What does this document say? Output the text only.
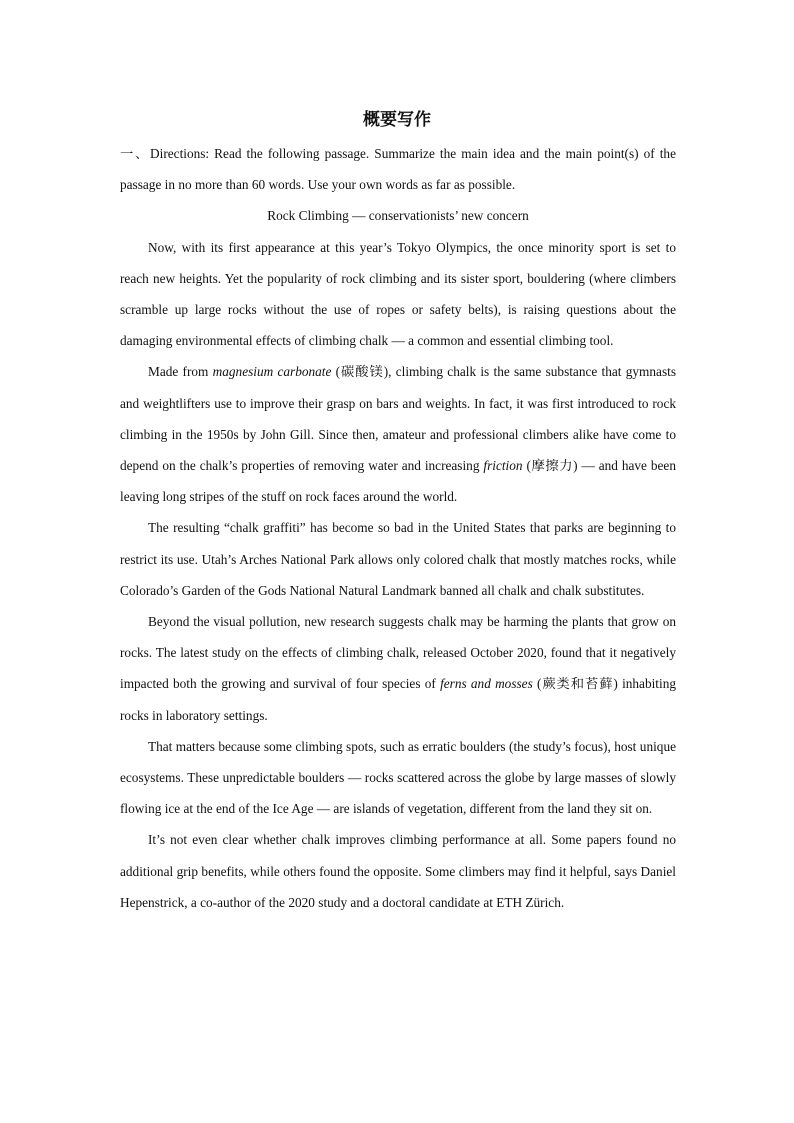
概要写作

一、Directions: Read the following passage. Summarize the main idea and the main point(s) of the passage in no more than 60 words. Use your own words as far as possible.

Rock Climbing — conservationists’ new concern

Now, with its first appearance at this year’s Tokyo Olympics, the once minority sport is set to reach new heights. Yet the popularity of rock climbing and its sister sport, bouldering (where climbers scramble up large rocks without the use of ropes or safety belts), is raising questions about the damaging environmental effects of climbing chalk — a common and essential climbing tool.

Made from magnesium carbonate (碳酸镁), climbing chalk is the same substance that gymnasts and weightlifters use to improve their grasp on bars and weights. In fact, it was first introduced to rock climbing in the 1950s by John Gill. Since then, amateur and professional climbers alike have come to depend on the chalk’s properties of removing water and increasing friction (摩擦力) — and have been leaving long stripes of the stuff on rock faces around the world.

The resulting “chalk graffiti” has become so bad in the United States that parks are beginning to restrict its use. Utah’s Arches National Park allows only colored chalk that mostly matches rocks, while Colorado’s Garden of the Gods National Natural Landmark banned all chalk and chalk substitutes.

Beyond the visual pollution, new research suggests chalk may be harming the plants that grow on rocks. The latest study on the effects of climbing chalk, released October 2020, found that it negatively impacted both the growing and survival of four species of ferns and mosses (蕨类和苔藓) inhabiting rocks in laboratory settings.

That matters because some climbing spots, such as erratic boulders (the study’s focus), host unique ecosystems. These unpredictable boulders — rocks scattered across the globe by large masses of slowly flowing ice at the end of the Ice Age — are islands of vegetation, different from the land they sit on.

It’s not even clear whether chalk improves climbing performance at all. Some papers found no additional grip benefits, while others found the opposite. Some climbers may find it helpful, says Daniel Hepenstrick, a co-author of the 2020 study and a doctoral candidate at ETH Zürich.
